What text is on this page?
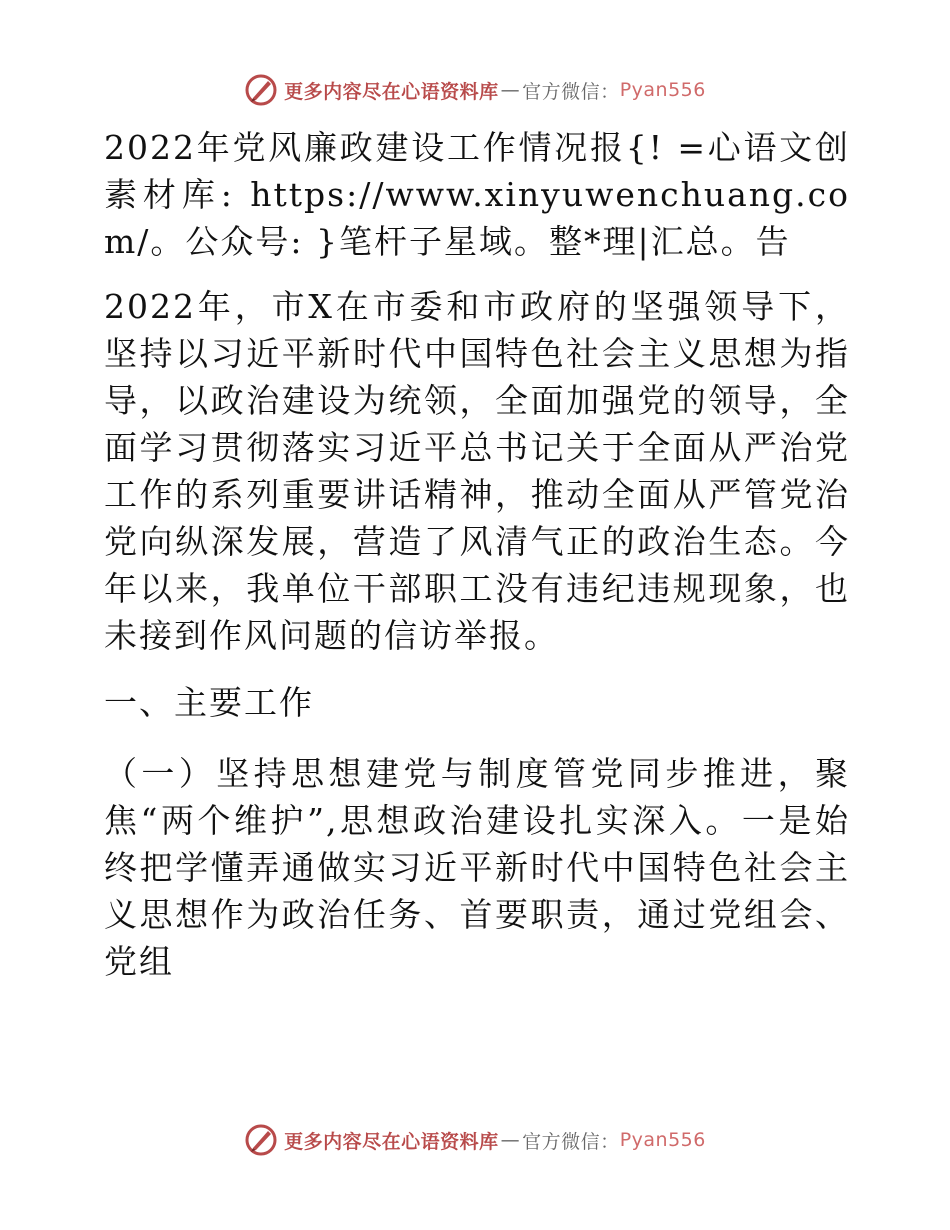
更多内容尽在心语资料库 — 官方微信： Pyan556

2022年党风廉政建设工作情况报{! =心语文创素材库: https://www.xinyuwenchuang.com/。公众号: }笔杆子星域。整*理|汇总。告

2022年，市X在市委和市政府的坚强领导下，坚持以习近平新时代中国特色社会主义思想为指导，以政治建设为统领，全面加强党的领导，全面学习贯彻落实习近平总书记关于全面从严治党工作的系列重要讲话精神，推动全面从严管党治党向纵深发展，营造了风清气正的政治生态。今年以来，我单位干部职工没有违纪违规现象，也未接到作风问题的信访举报。

一、主要工作

（一）坚持思想建党与制度管党同步推进，聚焦“两个维护”,思想政治建设扎实深入。一是始终把学懂弄通做实习近平新时代中国特色社会主义思想作为政治任务、首要职责，通过党组会、党组

更多内容尽在心语资料库 — 官方微信： Pyan556
